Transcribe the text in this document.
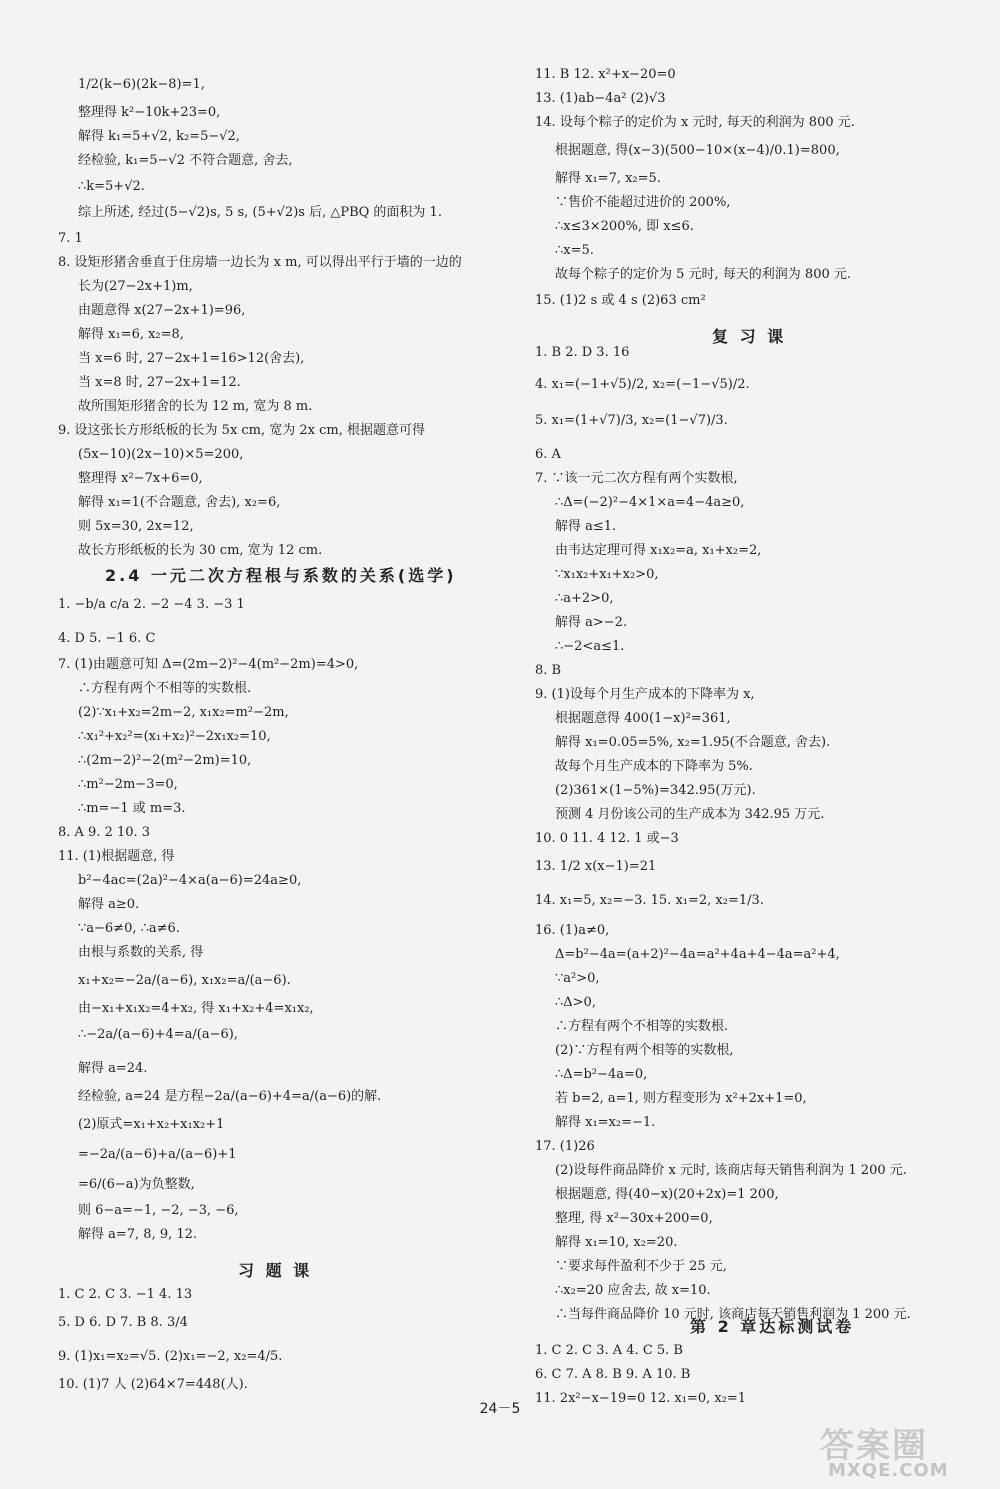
1/2(k−6)(2k−8)=1,
整理得 k²−10k+23=0,
解得 k₁=5+√2, k₂=5−√2,
经检验, k₁=5−√2 不符合题意, 舍去,
∴k=5+√2.
综上所述, 经过(5−√2)s, 5 s, (5+√2)s 后, △PBQ 的面积为 1.
7. 1
8. 设矩形猪舍垂直于住房墙一边长为 x m, 可以得出平行于墙的一边的
长为(27−2x+1)m,
由题意得 x(27−2x+1)=96,
解得 x₁=6, x₂=8,
当 x=6 时, 27−2x+1=16>12(舍去),
当 x=8 时, 27−2x+1=12.
故所围矩形猪舍的长为 12 m, 宽为 8 m.
9. 设这张长方形纸板的长为 5x cm, 宽为 2x cm, 根据题意可得
(5x−10)(2x−10)×5=200,
整理得 x²−7x+6=0,
解得 x₁=1(不合题意, 舍去), x₂=6,
则 5x=30, 2x=12,
故长方形纸板的长为 30 cm, 宽为 12 cm.
1. −b/a c/a 2. −2 −4 3. −3 1
4. D 5. −1 6. C
7. (1)由题意可知 Δ=(2m−2)²−4(m²−2m)=4>0,
∴方程有两个不相等的实数根.
(2)∵x₁+x₂=2m−2, x₁x₂=m²−2m,
∴x₁²+x₂²=(x₁+x₂)²−2x₁x₂=10,
∴(2m−2)²−2(m²−2m)=10,
∴m²−2m−3=0,
∴m=−1 或 m=3.
8. A 9. 2 10. 3
11. (1)根据题意, 得
b²−4ac=(2a)²−4×a(a−6)=24a≥0,
解得 a≥0.
∵a−6≠0, ∴a≠6.
由根与系数的关系, 得
x₁+x₂=−2a/(a−6), x₁x₂=a/(a−6).
由−x₁+x₁x₂=4+x₂, 得 x₁+x₂+4=x₁x₂,
∴−2a/(a−6)+4=a/(a−6),
解得 a=24.
经检验, a=24 是方程−2a/(a−6)+4=a/(a−6)的解.
(2)原式=x₁+x₂+x₁x₂+1
=−2a/(a−6)+a/(a−6)+1
=6/(6−a)为负整数,
则 6−a=−1, −2, −3, −6,
解得 a=7, 8, 9, 12.
1. C 2. C 3. −1 4. 13
5. D 6. D 7. B 8. 3/4
9. (1)x₁=x₂=√5. (2)x₁=−2, x₂=4/5.
10. (1)7 人 (2)64×7=448(人).
11. B 12. x²+x−20=0
13. (1)ab−4a² (2)√3
14. 设每个粽子的定价为 x 元时, 每天的利润为 800 元.
根据题意, 得(x−3)(500−10×(x−4)/0.1)=800,
解得 x₁=7, x₂=5.
∵售价不能超过进价的 200%,
∴x≤3×200%, 即 x≤6.
∴x=5.
故每个粽子的定价为 5 元时, 每天的利润为 800 元.
15. (1)2 s 或 4 s (2)63 cm²
1. B 2. D 3. 16
4. x₁=(−1+√5)/2, x₂=(−1−√5)/2.
5. x₁=(1+√7)/3, x₂=(1−√7)/3.
6. A
7. ∵该一元二次方程有两个实数根,
∴Δ=(−2)²−4×1×a=4−4a≥0,
解得 a≤1.
由韦达定理可得 x₁x₂=a, x₁+x₂=2,
∵x₁x₂+x₁+x₂>0,
∴a+2>0,
解得 a>−2.
∴−2<a≤1.
8. B
9. (1)设每个月生产成本的下降率为 x,
根据题意得 400(1−x)²=361,
解得 x₁=0.05=5%, x₂=1.95(不合题意, 舍去).
故每个月生产成本的下降率为 5%.
(2)361×(1−5%)=342.95(万元).
预测 4 月份该公司的生产成本为 342.95 万元.
10. 0 11. 4 12. 1 或−3
13. 1/2 x(x−1)=21
14. x₁=5, x₂=−3. 15. x₁=2, x₂=1/3.
16. (1)a≠0,
Δ=b²−4a=(a+2)²−4a=a²+4a+4−4a=a²+4,
∵a²>0,
∴Δ>0,
∴方程有两个不相等的实数根.
(2)∵方程有两个相等的实数根,
∴Δ=b²−4a=0,
若 b=2, a=1, 则方程变形为 x²+2x+1=0,
解得 x₁=x₂=−1.
17. (1)26
(2)设每件商品降价 x 元时, 该商店每天销售利润为 1 200 元.
根据题意, 得(40−x)(20+2x)=1 200,
整理, 得 x²−30x+200=0,
解得 x₁=10, x₂=20.
∵要求每件盈利不少于 25 元,
∴x₂=20 应舍去, 故 x=10.
∴当每件商品降价 10 元时, 该商店每天销售利润为 1 200 元.
1. C 2. C 3. A 4. C 5. B
6. C 7. A 8. B 9. A 10. B
11. 2x²−x−19=0 12. x₁=0, x₂=1
2.4 一元二次方程根与系数的关系(选学)
习 题 课
复 习 课
第 2 章达标测试卷
24－5
答案圈
MXQE.COM
